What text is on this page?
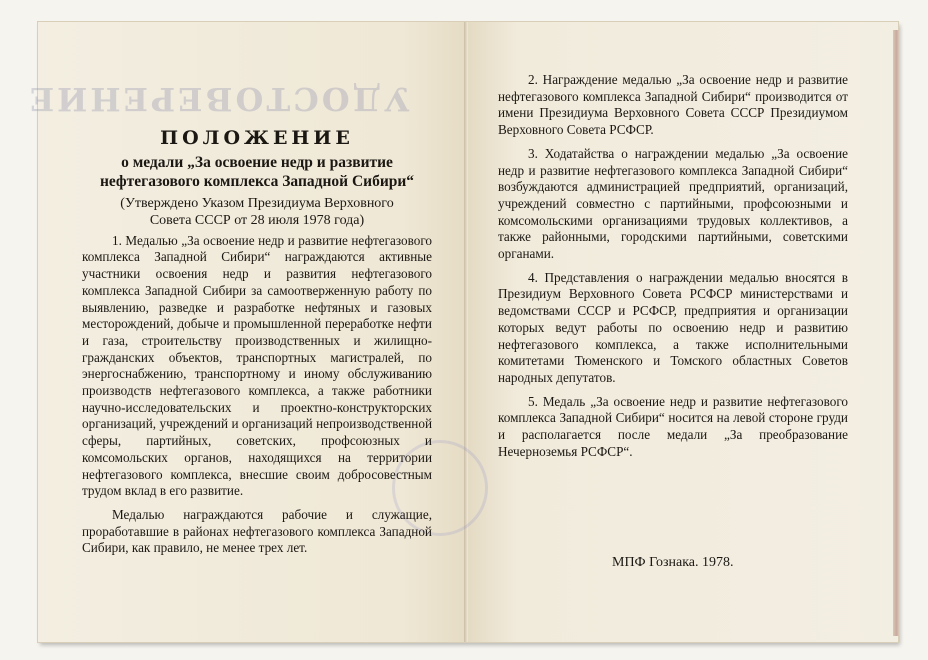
УДОСТОВЕРЕНИЕ
ПОЛОЖЕНИЕ
о медали „За освоение недр и развитие
нефтегазового комплекса Западной Сибири“
(Утверждено Указом Президиума Верховного
Совета СССР от 28 июля 1978 года)

1. Медалью „За освоение недр и развитие нефтегазового комплекса Западной Сибири“ награждаются активные участники освоения недр и развития нефтегазового комплекса Западной Сибири за самоотверженную работу по выявлению, разведке и разработке нефтяных и газовых месторождений, добыче и промышленной переработке нефти и газа, строительству производственных и жилищно-гражданских объектов, транспортных магистралей, по энергоснабжению, транспортному и иному обслуживанию производств нефтегазового комплекса, а также работники научно-исследовательских и проектно-конструкторских организаций, учреждений и организаций непроизводственной сферы, партийных, советских, профсоюзных и комсомольских органов, находящихся на территории нефтегазового комплекса, внесшие своим добросовестным трудом вклад в его развитие.

Медалью награждаются рабочие и служащие, проработавшие в районах нефтегазового комплекса Западной Сибири, как правило, не менее трех лет.

2. Награждение медалью „За освоение недр и развитие нефтегазового комплекса Западной Сибири“ производится от имени Президиума Верховного Совета СССР Президиумом Верховного Совета РСФСР.

3. Ходатайства о награждении медалью „За освоение недр и развитие нефтегазового комплекса Западной Сибири“ возбуждаются администрацией предприятий, организаций, учреждений совместно с партийными, профсоюзными и комсомольскими организациями трудовых коллективов, а также районными, городскими партийными, советскими органами.

4. Представления о награждении медалью вносятся в Президиум Верховного Совета РСФСР министерствами и ведомствами СССР и РСФСР, предприятия и организации которых ведут работы по освоению недр и развитию нефтегазового комплекса, а также исполнительными комитетами Тюменского и Томского областных Советов народных депутатов.

5. Медаль „За освоение недр и развитие нефтегазового комплекса Западной Сибири“ носится на левой стороне груди и располагается после медали „За преобразование Нечерноземья РСФСР“.

МПФ Гознака. 1978.
